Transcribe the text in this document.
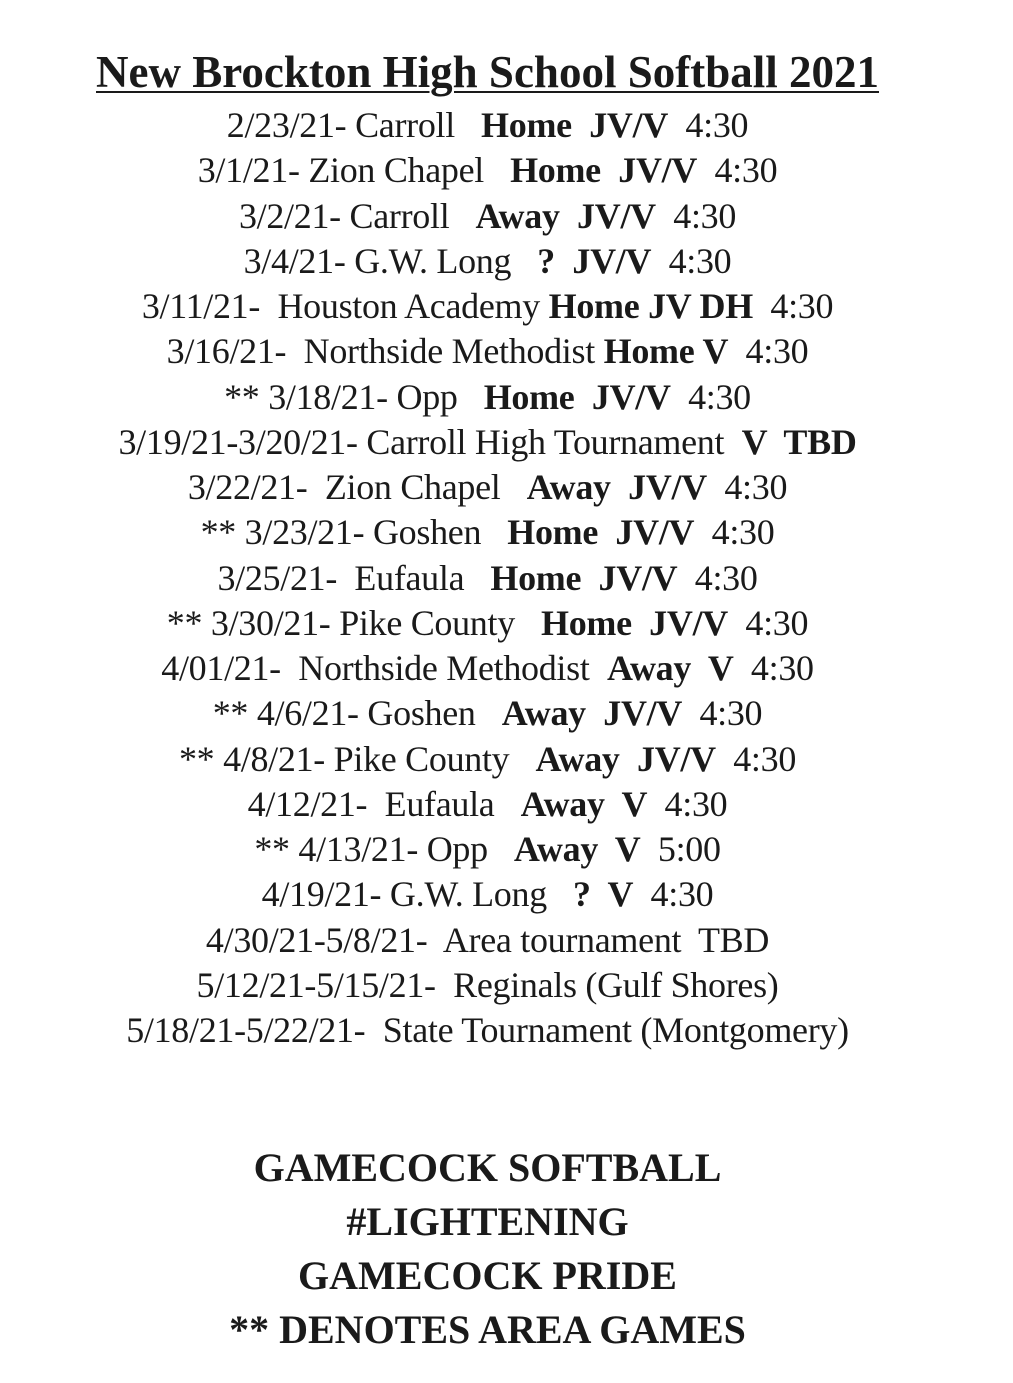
New Brockton High School Softball 2021
2/23/21- Carroll   Home  JV/V  4:30
3/1/21- Zion Chapel   Home  JV/V  4:30
3/2/21- Carroll   Away  JV/V  4:30
3/4/21- G.W. Long   ?  JV/V  4:30
3/11/21-  Houston Academy Home JV DH  4:30
3/16/21-  Northside Methodist Home V  4:30
** 3/18/21- Opp   Home  JV/V  4:30
3/19/21-3/20/21- Carroll High Tournament  V  TBD
3/22/21-  Zion Chapel   Away  JV/V  4:30
** 3/23/21- Goshen   Home  JV/V  4:30
3/25/21-  Eufaula   Home  JV/V  4:30
** 3/30/21- Pike County   Home  JV/V  4:30
4/01/21-  Northside Methodist  Away  V  4:30
** 4/6/21- Goshen   Away  JV/V  4:30
** 4/8/21- Pike County   Away  JV/V  4:30
4/12/21-  Eufaula   Away  V  4:30
** 4/13/21- Opp   Away  V  5:00
4/19/21- G.W. Long   ?  V  4:30
4/30/21-5/8/21-  Area tournament  TBD
5/12/21-5/15/21-  Reginals (Gulf Shores)
5/18/21-5/22/21-  State Tournament (Montgomery)
GAMECOCK SOFTBALL
#LIGHTENING
GAMECOCK PRIDE
** DENOTES AREA GAMES
